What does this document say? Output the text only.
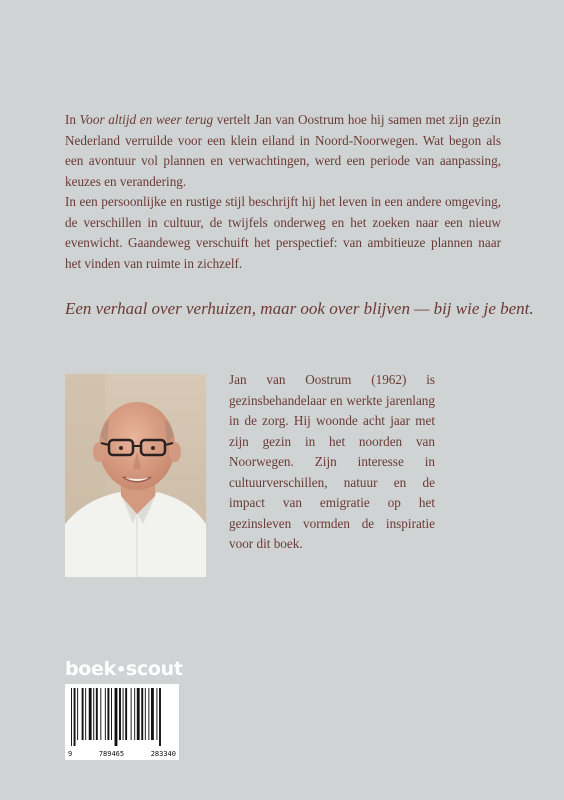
In Voor altijd en weer terug vertelt Jan van Oostrum hoe hij samen met zijn gezin Nederland verruilde voor een klein eiland in Noord-Noorwegen. Wat begon als een avontuur vol plannen en verwachtingen, werd een periode van aanpassing, keuzes en verandering.

In een persoonlijke en rustige stijl beschrijft hij het leven in een andere omgeving, de verschillen in cultuur, de twijfels onderweg en het zoeken naar een nieuw evenwicht. Gaandeweg verschuift het perspectief: van ambitieuze plannen naar het vinden van ruimte in zichzelf.

Een verhaal over verhuizen, maar ook over blijven — bij wie je bent.

Jan van Oostrum (1962) is gezinsbehandelaar en werkte jarenlang in de zorg. Hij woonde acht jaar met zijn gezin in het noorden van Noorwegen. Zijn interesse in cultuurverschillen, natuur en de impact van emigratie op het gezinsleven vormden de inspiratie voor dit boek.

boek•scout
9	789465	283340
